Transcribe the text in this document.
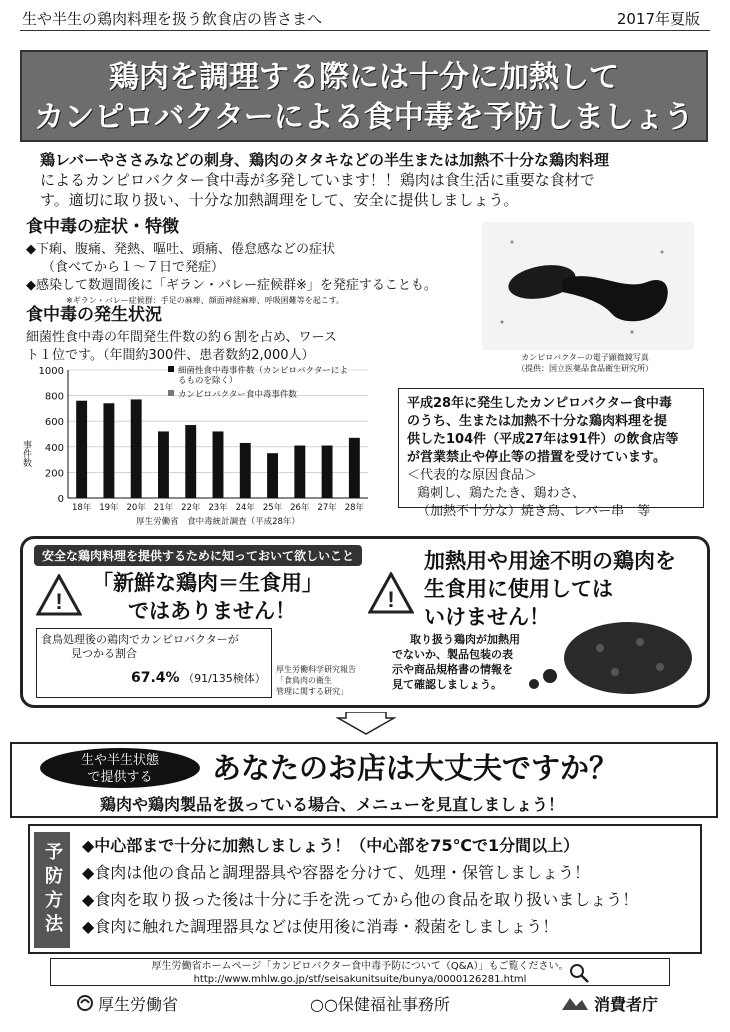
生や半生の鶏肉料理を扱う飲食店の皆さまへ	2017年夏版
鶏肉を調理する際には十分に加熱して
カンピロバクターによる食中毒を予防しましょう
鶏レバーやささみなどの刺身、鶏肉のタタキなどの半生または加熱不十分な鶏肉料理
によるカンピロバクター食中毒が多発しています！！鶏肉は食生活に重要な食材で
す。適切に取り扱い、十分な加熱調理をして、安全に提供しましょう。
食中毒の症状・特徴
◆下痢、腹痛、発熱、嘔吐、頭痛、倦怠感などの症状
（食べてから１～７日で発症）
◆感染して数週間後に「ギラン・バレー症候群※」を発症することも。
※ギラン・バレー症候群：手足の麻痺、顔面神経麻痺、呼吸困難等を起こす。
カンピロバクターの電子顕微鏡写真
（提供：国立医薬品食品衛生研究所）
食中毒の発生状況
細菌性食中毒の年間発生件数の約６割を占め、ワース
ト１位です。（年間約300件、患者数約2,000人）
0
200
400
600
800
1000
事件数
18年 19年 20年 21年 22年 23年 24年 25年 26年 27年 28年
細菌性食中毒事件数（カンピロバクターによ
るものを除く）
カンピロバクター食中毒事件数
厚生労働省　食中毒統計調査（平成28年）
平成28年に発生したカンピロバクター食中毒
のうち、生または加熱不十分な鶏肉料理を提
供した104件（平成27年は91件）の飲食店等
が営業禁止や停止等の措置を受けています。
＜代表的な原因食品＞
鶏刺し、鶏たたき、鶏わさ、
（加熱不十分な）焼き鳥、レバー串　等
安全な鶏肉料理を提供するために知っておいて欲しいこと
!
「新鮮な鶏肉＝生食用」
ではありません！
食鳥処理後の鶏肉でカンピロバクターが
見つかる割合
67.4% （91/135検体）
厚生労働科学研究報告
「食鳥肉の衛生
管理に関する研究」
!
加熱用や用途不明の鶏肉を
生食用に使用しては
いけません！
取り扱う鶏肉が加熱用
でないか、製品包装の表
示や商品規格書の情報を
見て確認しましょう。
生や半生状態
で提供する	あなたのお店は大丈夫ですか？
鶏肉や鶏肉製品を扱っている場合、メニューを見直しましょう！
予防方法	◆中心部まで十分に加熱しましょう！（中心部を75℃で1分間以上）
◆食肉は他の食品と調理器具や容器を分けて、処理・保管しましょう！
◆食肉を取り扱った後は十分に手を洗ってから他の食品を取り扱いましょう！
◆食肉に触れた調理器具などは使用後に消毒・殺菌をしましょう！
厚生労働省ホームページ「カンピロバクター食中毒予防について（Q&A）」もご覧ください。
http://www.mhlw.go.jp/stf/seisakunitsuite/bunya/0000126281.html
厚生労働省	○○保健福祉事務所	消費者庁
